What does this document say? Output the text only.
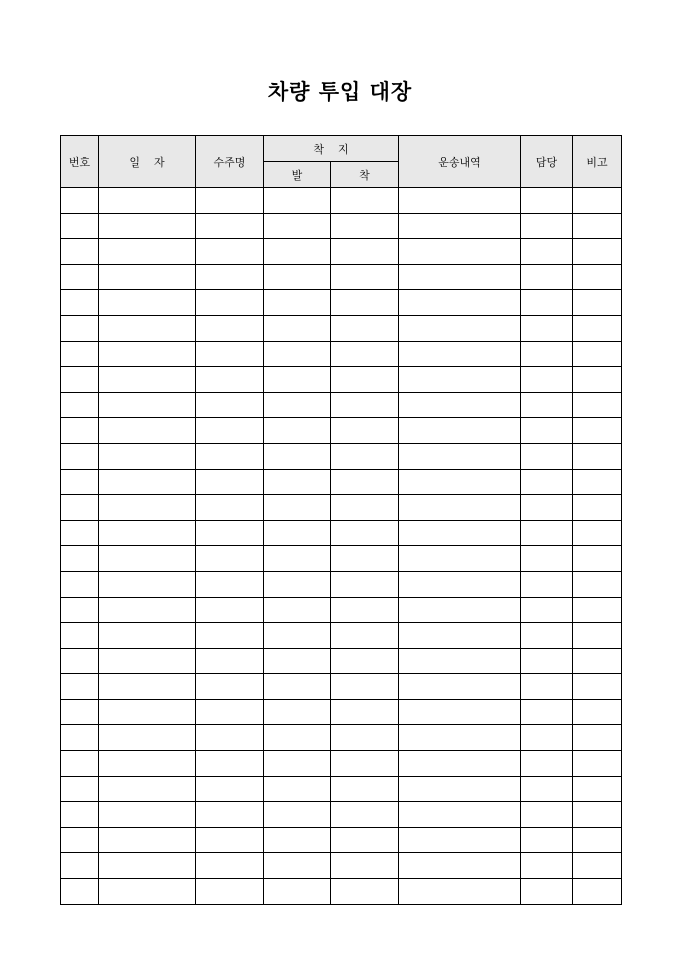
차량 투입 대장
번호	일    자	수주명	착    지		운송내역	담당	비고
			발	착			
